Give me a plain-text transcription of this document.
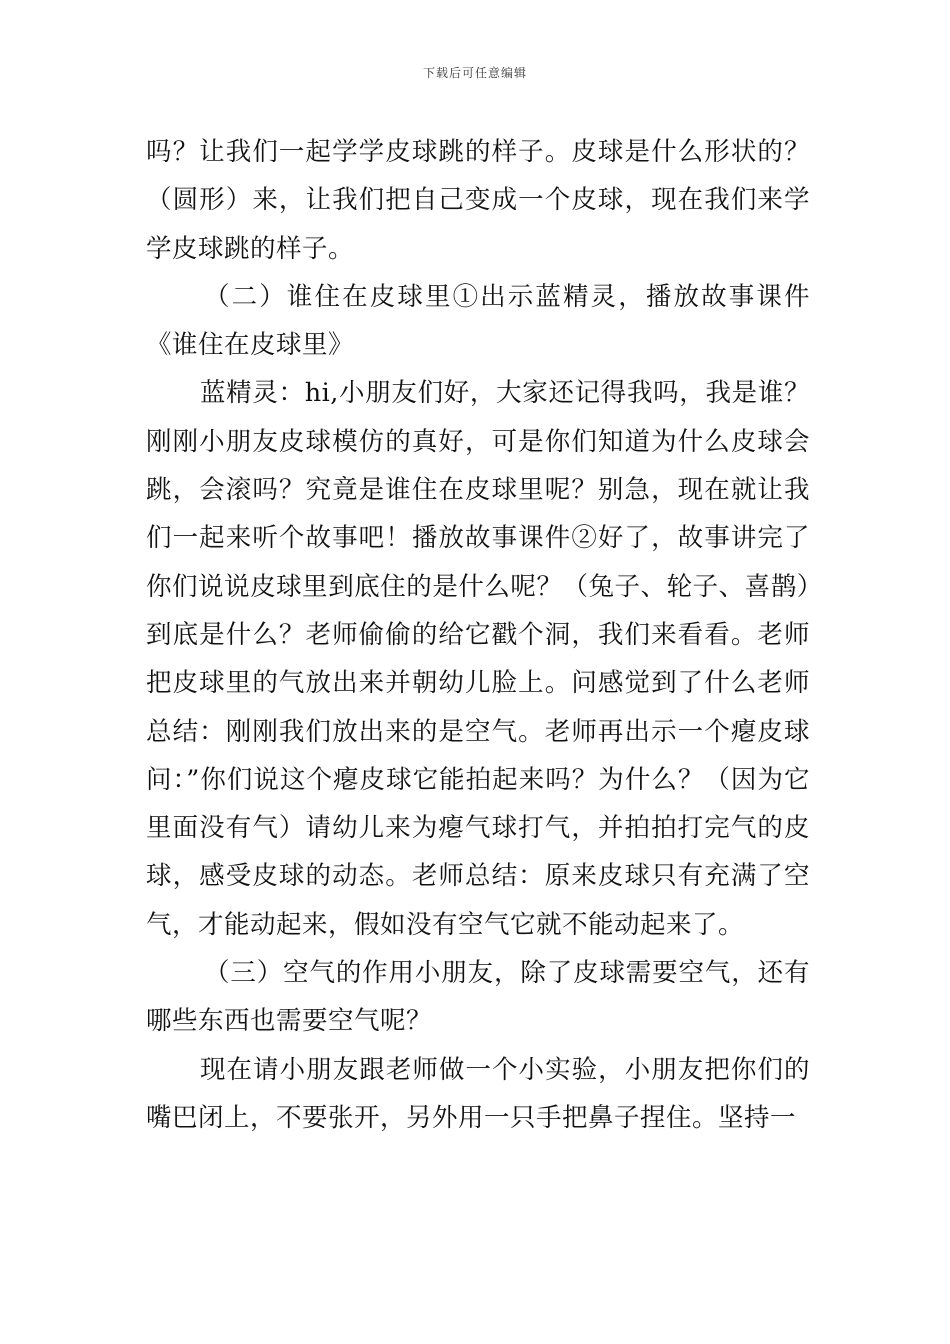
下载后可任意编辑

吗？让我们一起学学皮球跳的样子。皮球是什么形状的？（圆形）来，让我们把自己变成一个皮球，现在我们来学学皮球跳的样子。

（二）谁住在皮球里①出示蓝精灵，播放故事课件《谁住在皮球里》

蓝精灵：hi,小朋友们好，大家还记得我吗，我是谁？刚刚小朋友皮球模仿的真好，可是你们知道为什么皮球会跳，会滚吗？究竟是谁住在皮球里呢？别急，现在就让我们一起来听个故事吧！播放故事课件②好了，故事讲完了你们说说皮球里到底住的是什么呢？（兔子、轮子、喜鹊）到底是什么？老师偷偷的给它戳个洞，我们来看看。老师把皮球里的气放出来并朝幼儿脸上。问感觉到了什么老师总结：刚刚我们放出来的是空气。老师再出示一个瘪皮球问：”你们说这个瘪皮球它能拍起来吗？为什么？（因为它里面没有气）请幼儿来为瘪气球打气，并拍拍打完气的皮球，感受皮球的动态。老师总结：原来皮球只有充满了空气，才能动起来，假如没有空气它就不能动起来了。

（三）空气的作用小朋友，除了皮球需要空气，还有哪些东西也需要空气呢？

现在请小朋友跟老师做一个小实验，小朋友把你们的嘴巴闭上，不要张开，另外用一只手把鼻子捏住。坚持一
